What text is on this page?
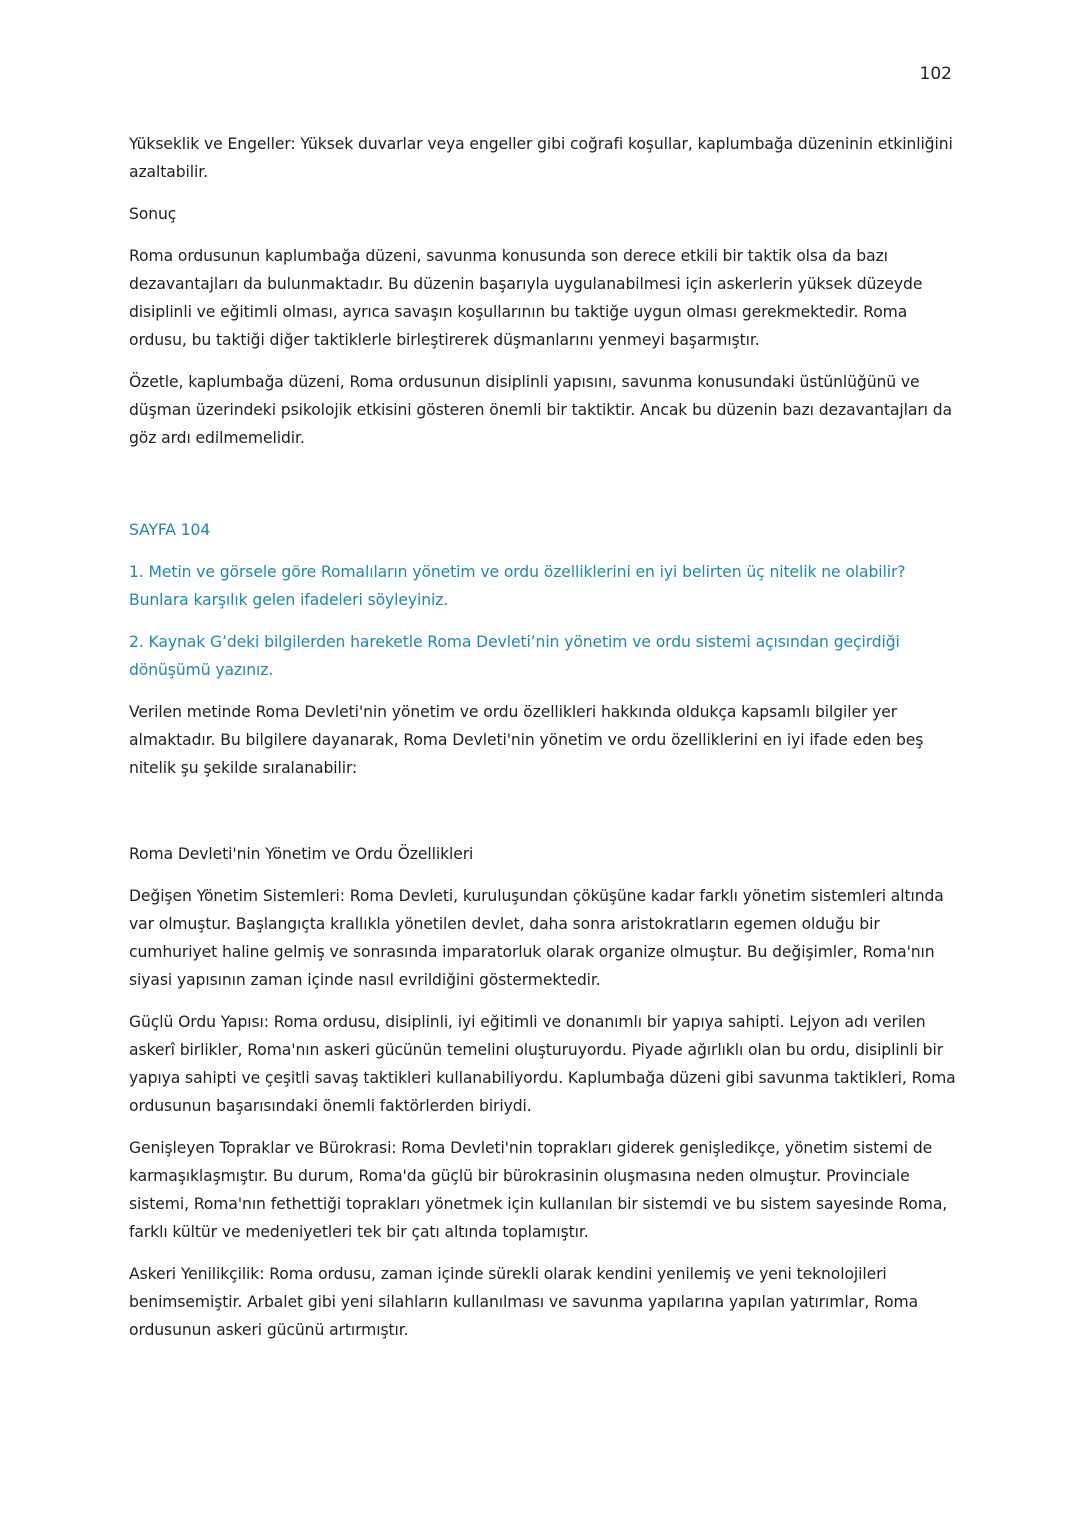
102

Yükseklik ve Engeller: Yüksek duvarlar veya engeller gibi coğrafi koşullar, kaplumbağa düzeninin etkinliğini azaltabilir.

Sonuç

Roma ordusunun kaplumbağa düzeni, savunma konusunda son derece etkili bir taktik olsa da bazı dezavantajları da bulunmaktadır. Bu düzenin başarıyla uygulanabilmesi için askerlerin yüksek düzeyde disiplinli ve eğitimli olması, ayrıca savaşın koşullarının bu taktiğe uygun olması gerekmektedir. Roma ordusu, bu taktiği diğer taktiklerle birleştirerek düşmanlarını yenmeyi başarmıştır.

Özetle, kaplumbağa düzeni, Roma ordusunun disiplinli yapısını, savunma konusundaki üstünlüğünü ve düşman üzerindeki psikolojik etkisini gösteren önemli bir taktiktir. Ancak bu düzenin bazı dezavantajları da göz ardı edilmemelidir.

SAYFA 104

1. Metin ve görsele göre Romalıların yönetim ve ordu özelliklerini en iyi belirten üç nitelik ne olabilir? Bunlara karşılık gelen ifadeleri söyleyiniz.

2. Kaynak G’deki bilgilerden hareketle Roma Devleti’nin yönetim ve ordu sistemi açısından geçirdiği dönüşümü yazınız.

Verilen metinde Roma Devleti'nin yönetim ve ordu özellikleri hakkında oldukça kapsamlı bilgiler yer almaktadır. Bu bilgilere dayanarak, Roma Devleti'nin yönetim ve ordu özelliklerini en iyi ifade eden beş nitelik şu şekilde sıralanabilir:

Roma Devleti'nin Yönetim ve Ordu Özellikleri

Değişen Yönetim Sistemleri: Roma Devleti, kuruluşundan çöküşüne kadar farklı yönetim sistemleri altında var olmuştur. Başlangıçta krallıkla yönetilen devlet, daha sonra aristokratların egemen olduğu bir cumhuriyet haline gelmiş ve sonrasında imparatorluk olarak organize olmuştur. Bu değişimler, Roma'nın siyasi yapısının zaman içinde nasıl evrildiğini göstermektedir.

Güçlü Ordu Yapısı: Roma ordusu, disiplinli, iyi eğitimli ve donanımlı bir yapıya sahipti. Lejyon adı verilen askerî birlikler, Roma'nın askeri gücünün temelini oluşturuyordu. Piyade ağırlıklı olan bu ordu, disiplinli bir yapıya sahipti ve çeşitli savaş taktikleri kullanabiliyordu. Kaplumbağa düzeni gibi savunma taktikleri, Roma ordusunun başarısındaki önemli faktörlerden biriydi.

Genişleyen Topraklar ve Bürokrasi: Roma Devleti'nin toprakları giderek genişledikçe, yönetim sistemi de karmaşıklaşmıştır. Bu durum, Roma'da güçlü bir bürokrasinin oluşmasına neden olmuştur. Provinciale sistemi, Roma'nın fethettiği toprakları yönetmek için kullanılan bir sistemdi ve bu sistem sayesinde Roma, farklı kültür ve medeniyetleri tek bir çatı altında toplamıştır.

Askeri Yenilikçilik: Roma ordusu, zaman içinde sürekli olarak kendini yenilemiş ve yeni teknolojileri benimsemiştir. Arbalet gibi yeni silahların kullanılması ve savunma yapılarına yapılan yatırımlar, Roma ordusunun askeri gücünü artırmıştır.
